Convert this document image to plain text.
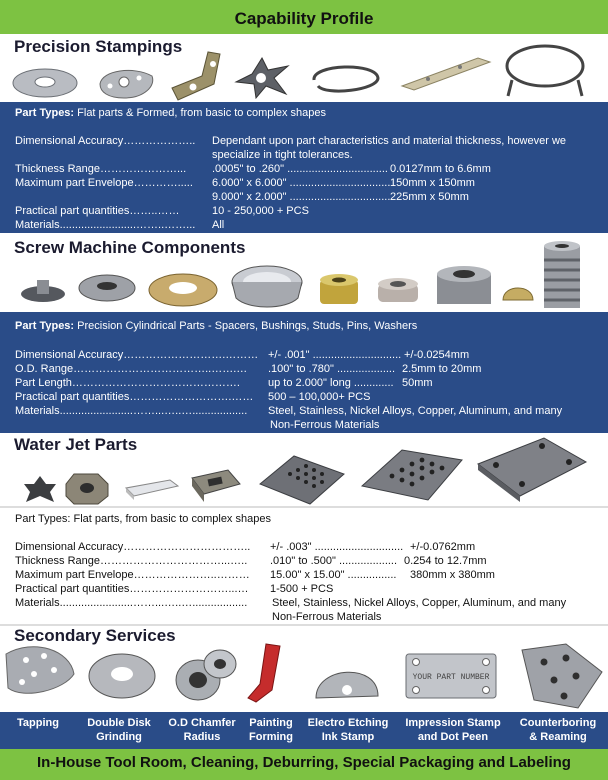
Capability Profile
Precision Stampings
Part Types: Flat parts & Formed, from basic to complex shapes
Dimensional Accuracy……………….. Dependant upon part characteristics and material thickness, however we
specialize in tight tolerances.
Thickness Range…………………... .0005" to .260" ................................. 0.0127mm to 6.6mm
Maximum part Envelope…………..... 6.000" x 6.000" ................................. 150mm x 150mm
9.000" x 2.000" ................................. 225mm x 50mm
Practical part quantities……..……	10 - 250,000 + PCS
Materials.........................……..……... All
Screw Machine Components
Part Types: Precision Cylindrical Parts - Spacers, Bushings, Studs, Pins, Washers
Dimensional Accuracy……………………….……… +/- .001" ............................. +/-0.0254mm
O.D. Range………………………………..…….… .100" to .780" ................... 2.5mm to 20mm
Part Length……………………………………….	up to 2.000" long ............. 50mm
Practical part quantities……………………….…… 500 – 100,000+ PCS
Materials........................……...…..….................. Steel, Stainless, Nickel Alloys, Copper, Aluminum, and many
Non-Ferrous Materials
Water Jet Parts
Part Types: Flat parts, from basic to complex shapes
Dimensional Accuracy…………………………….. +/- .003" ............................. +/-0.0762mm
Thickness Range……………………………...….. .010" to .500" ................... 0.254 to 12.7mm
Maximum part Envelope…………………..……… 15.00" x 15.00" ................ 380mm x 380mm
Practical part quantities………………………...… 1-500 + PCS
Materials........................……...…..….................. Steel, Stainless, Nickel Alloys, Copper, Aluminum, and many
Non-Ferrous Materials
Secondary Services
YOUR PART NUMBER
Tapping	Double Disk
Grinding
O.D Chamfer
Radius
Painting
Forming
Electro Etching
Ink Stamp
Impression Stamp
and Dot Peen
Counterboring
& Reaming
In-House Tool Room, Cleaning, Deburring, Special Packaging and Labeling
